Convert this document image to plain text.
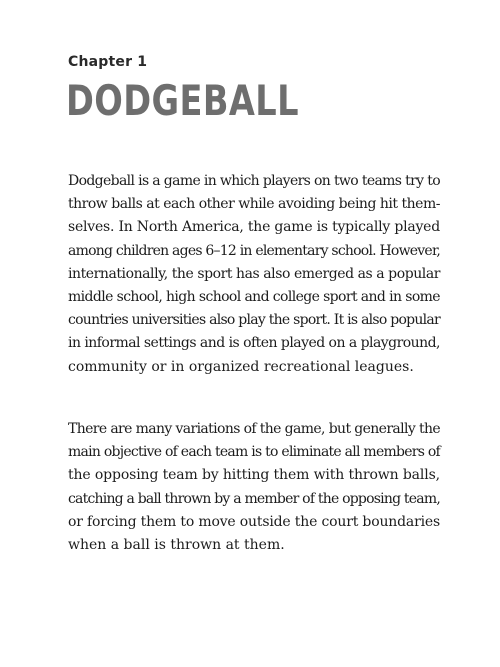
Chapter 1
DODGEBALL

Dodgeball is a game in which players on two teams try to
throw balls at each other while avoiding being hit them-
selves. In North America, the game is typically played
among children ages 6–12 in elementary school. However,
internationally, the sport has also emerged as a popular
middle school, high school and college sport and in some
countries universities also play the sport. It is also popular
in informal settings and is often played on a playground,
community or in organized recreational leagues.

There are many variations of the game, but generally the
main objective of each team is to eliminate all members of
the opposing team by hitting them with thrown balls,
catching a ball thrown by a member of the opposing team,
or forcing them to move outside the court boundaries
when a ball is thrown at them.
